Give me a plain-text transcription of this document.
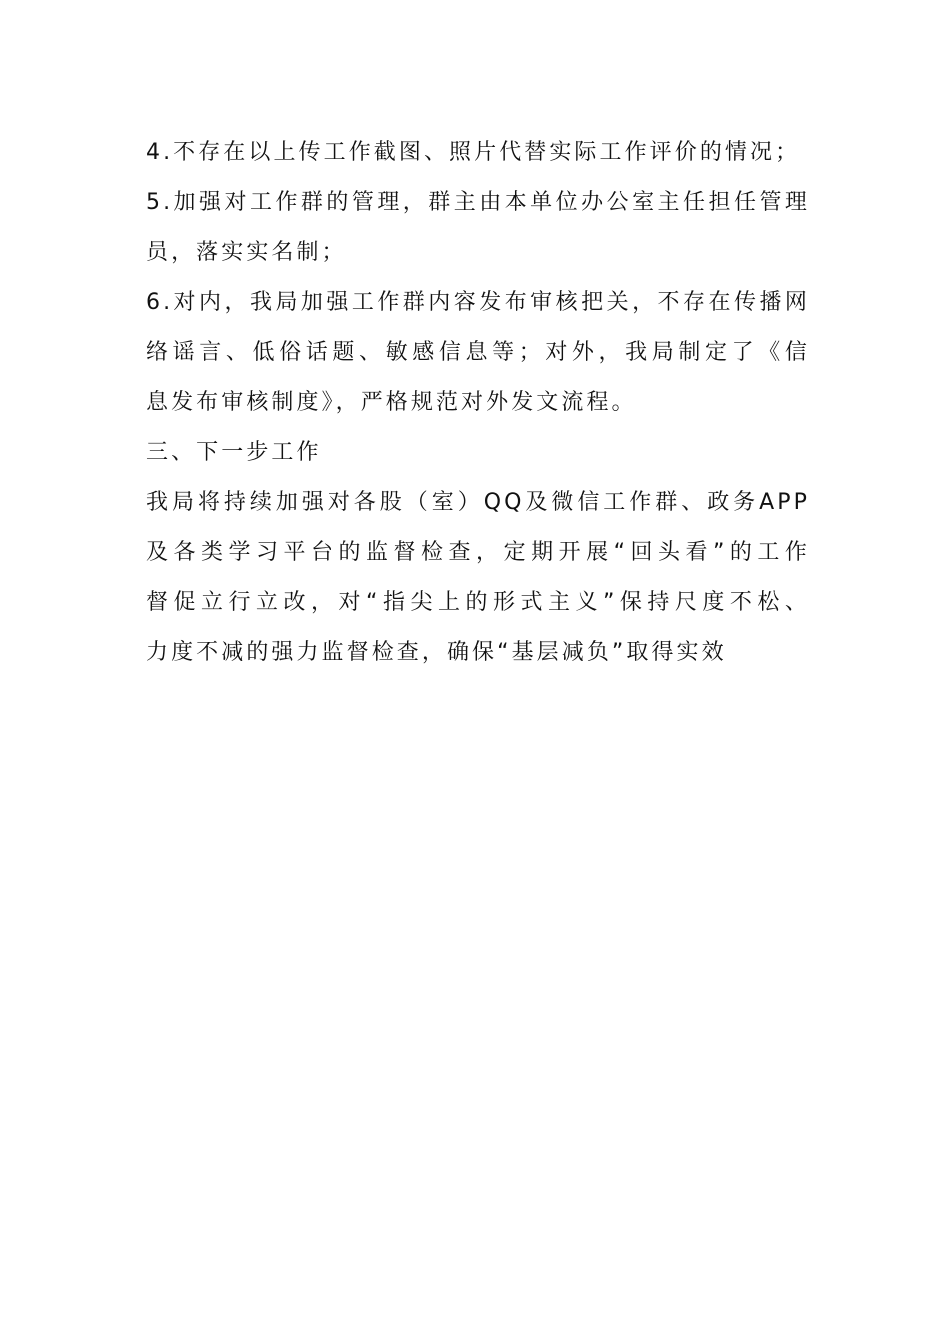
4.不存在以上传工作截图、照片代替实际工作评价的情况；
5.加强对工作群的管理，群主由本单位办公室主任担任管理
员，落实实名制；
6.对内，我局加强工作群内容发布审核把关，不存在传播网
络谣言、低俗话题、敏感信息等；对外，我局制定了《信
息发布审核制度》，严格规范对外发文流程。
三、下一步工作
我局将持续加强对各股（室）QQ及微信工作群、政务APP
及各类学习平台的监督检查，定期开展“回头看”的工作
督促立行立改，对“指尖上的形式主义”保持尺度不松、
力度不减的强力监督检查，确保“基层减负”取得实效
